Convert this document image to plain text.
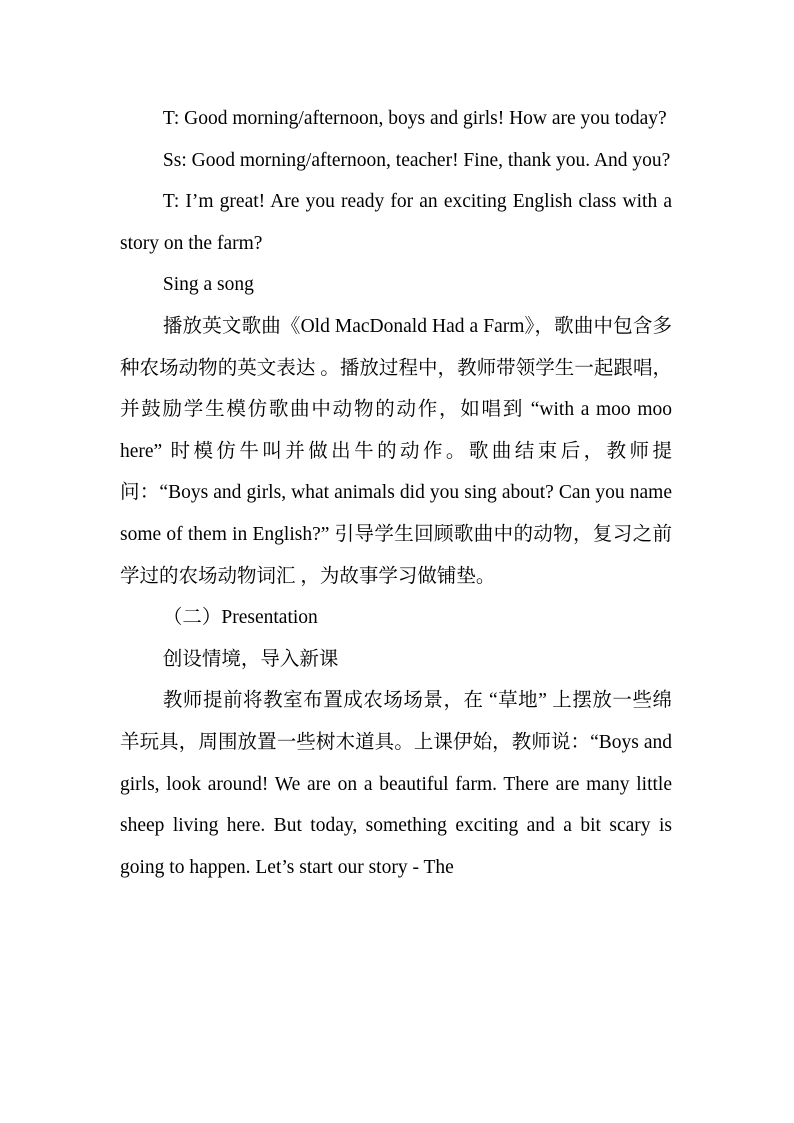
T: Good morning/afternoon, boys and girls! How are you today?

Ss: Good morning/afternoon, teacher! Fine, thank you. And you?

T: I’m great! Are you ready for an exciting English class with a story on the farm?

Sing a song

播放英文歌曲《Old MacDonald Had a Farm》，歌曲中包含多种农场动物的英文表达 。播放过程中，教师带领学生一起跟唱，并鼓励学生模仿歌曲中动物的动作，如唱到 “with a moo moo here” 时模仿牛叫并做出牛的动作。歌曲结束后，教师提问：“Boys and girls, what animals did you sing about? Can you name some of them in English?” 引导学生回顾歌曲中的动物，复习之前学过的农场动物词汇 ，为故事学习做铺垫。

（二）Presentation

创设情境，导入新课

教师提前将教室布置成农场场景，在 “草地” 上摆放一些绵羊玩具，周围放置一些树木道具。上课伊始，教师说：“Boys and girls, look around! We are on a beautiful farm. There are many little sheep living here. But today, something exciting and a bit scary is going to happen. Let’s start our story - The
